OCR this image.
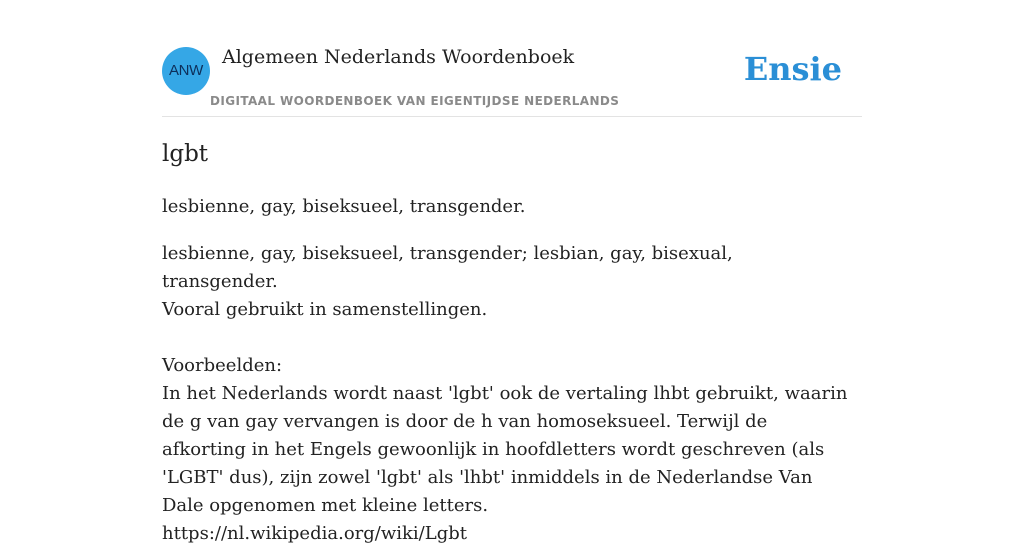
ANW
Algemeen Nederlands Woordenboek
DIGITAAL WOORDENBOEK VAN EIGENTIJDSE NEDERLANDS
Ensie
lgbt
lesbienne, gay, biseksueel, transgender.

lesbienne, gay, biseksueel, transgender; lesbian, gay, bisexual, transgender.

Vooral gebruikt in samenstellingen.

Voorbeelden:

In het Nederlands wordt naast 'lgbt' ook de vertaling lhbt gebruikt, waarin de g van gay vervangen is door de h van homoseksueel. Terwijl de afkorting in het Engels gewoonlijk in hoofdletters wordt geschreven (als 'LGBT' dus), zijn zowel 'lgbt' als 'lhbt' inmiddels in de Nederlandse Van Dale opgenomen met kleine letters.

https://nl.wikipedia.org/wiki/Lgbt
